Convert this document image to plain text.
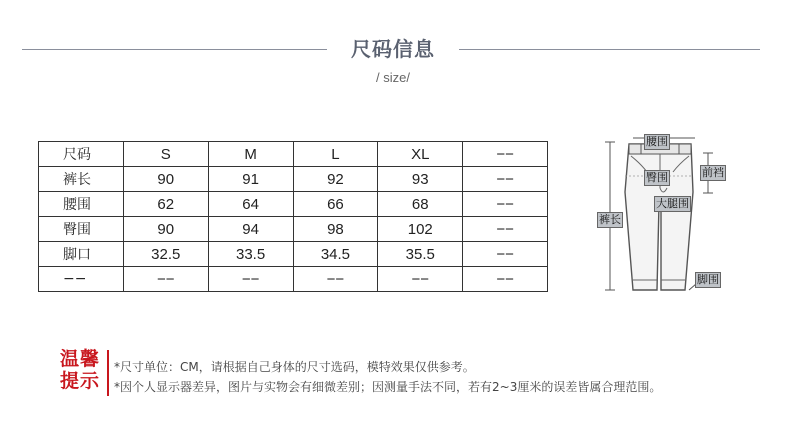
尺码信息
/ size/
尺码	S	M	L	XL	−−
裤长	90	91	92	93	−−
腰围	62	64	66	68	−−
臀围	90	94	98	102	−−
脚口	32.5	33.5	34.5	35.5	−−
−−	−−	−−	−−	−−	−−
腰围
前裆
臀围
大腿围
裤长
脚围
温馨
提示
*尺寸单位：CM，请根据自己身体的尺寸选码，模特效果仅供参考。
*因个人显示器差异，图片与实物会有细微差别；因测量手法不同，若有2~3厘米的误差皆属合理范围。
